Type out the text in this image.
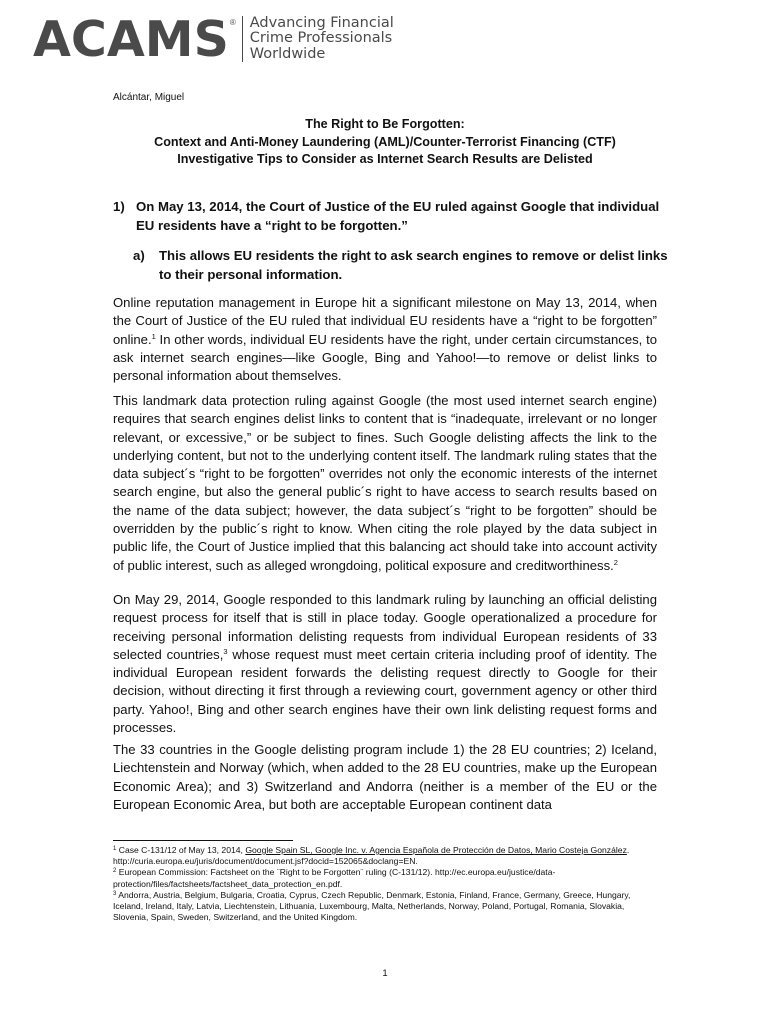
ACAMS ® Advancing Financial
Crime Professionals
Worldwide
Alcántar, Miguel
The Right to Be Forgotten:
Context and Anti-Money Laundering (AML)/Counter-Terrorist Financing (CTF)
Investigative Tips to Consider as Internet Search Results are Delisted
1) On May 13, 2014, the Court of Justice of the EU ruled against Google that individual EU residents have a “right to be forgotten.”
a) This allows EU residents the right to ask search engines to remove or delist links to their personal information.
Online reputation management in Europe hit a significant milestone on May 13, 2014, when the Court of Justice of the EU ruled that individual EU residents have a “right to be forgotten” online.$^1$ In other words, individual EU residents have the right, under certain circumstances, to ask internet search engines—like Google, Bing and Yahoo!—to remove or delist links to personal information about themselves.
This landmark data protection ruling against Google (the most used internet search engine) requires that search engines delist links to content that is “inadequate, irrelevant or no longer relevant, or excessive,” or be subject to fines. Such Google delisting affects the link to the underlying content, but not to the underlying content itself. The landmark ruling states that the data subject´s “right to be forgotten” overrides not only the economic interests of the internet search engine, but also the general public´s right to have access to search results based on the name of the data subject; however, the data subject´s “right to be forgotten” should be overridden by the public´s right to know. When citing the role played by the data subject in public life, the Court of Justice implied that this balancing act should take into account activity of public interest, such as alleged wrongdoing, political exposure and creditworthiness.$^2$
On May 29, 2014, Google responded to this landmark ruling by launching an official delisting request process for itself that is still in place today. Google operationalized a procedure for receiving personal information delisting requests from individual European residents of 33 selected countries,$^3$ whose request must meet certain criteria including proof of identity. The individual European resident forwards the delisting request directly to Google for their decision, without directing it first through a reviewing court, government agency or other third party. Yahoo!, Bing and other search engines have their own link delisting request forms and processes.
The 33 countries in the Google delisting program include 1) the 28 EU countries; 2) Iceland, Liechtenstein and Norway (which, when added to the 28 EU countries, make up the European Economic Area); and 3) Switzerland and Andorra (neither is a member of the EU or the European Economic Area, but both are acceptable European continent data
$^1$ Case C-131/12 of May 13, 2014, Google Spain SL, Google Inc. v. Agencia Española de Protección de Datos, Mario Costeja González. http://curia.europa.eu/juris/document/document.jsf?docid=152065&doclang=EN.
$^2$ European Commission: Factsheet on the ¨Right to be Forgotten¨ ruling (C-131/12). http://ec.europa.eu/justice/data-protection/files/factsheets/factsheet_data_protection_en.pdf.
$^3$ Andorra, Austria, Belgium, Bulgaria, Croatia, Cyprus, Czech Republic, Denmark, Estonia, Finland, France, Germany, Greece, Hungary, Iceland, Ireland, Italy, Latvia, Liechtenstein, Lithuania, Luxembourg, Malta, Netherlands, Norway, Poland, Portugal, Romania, Slovakia, Slovenia, Spain, Sweden, Switzerland, and the United Kingdom.
1
